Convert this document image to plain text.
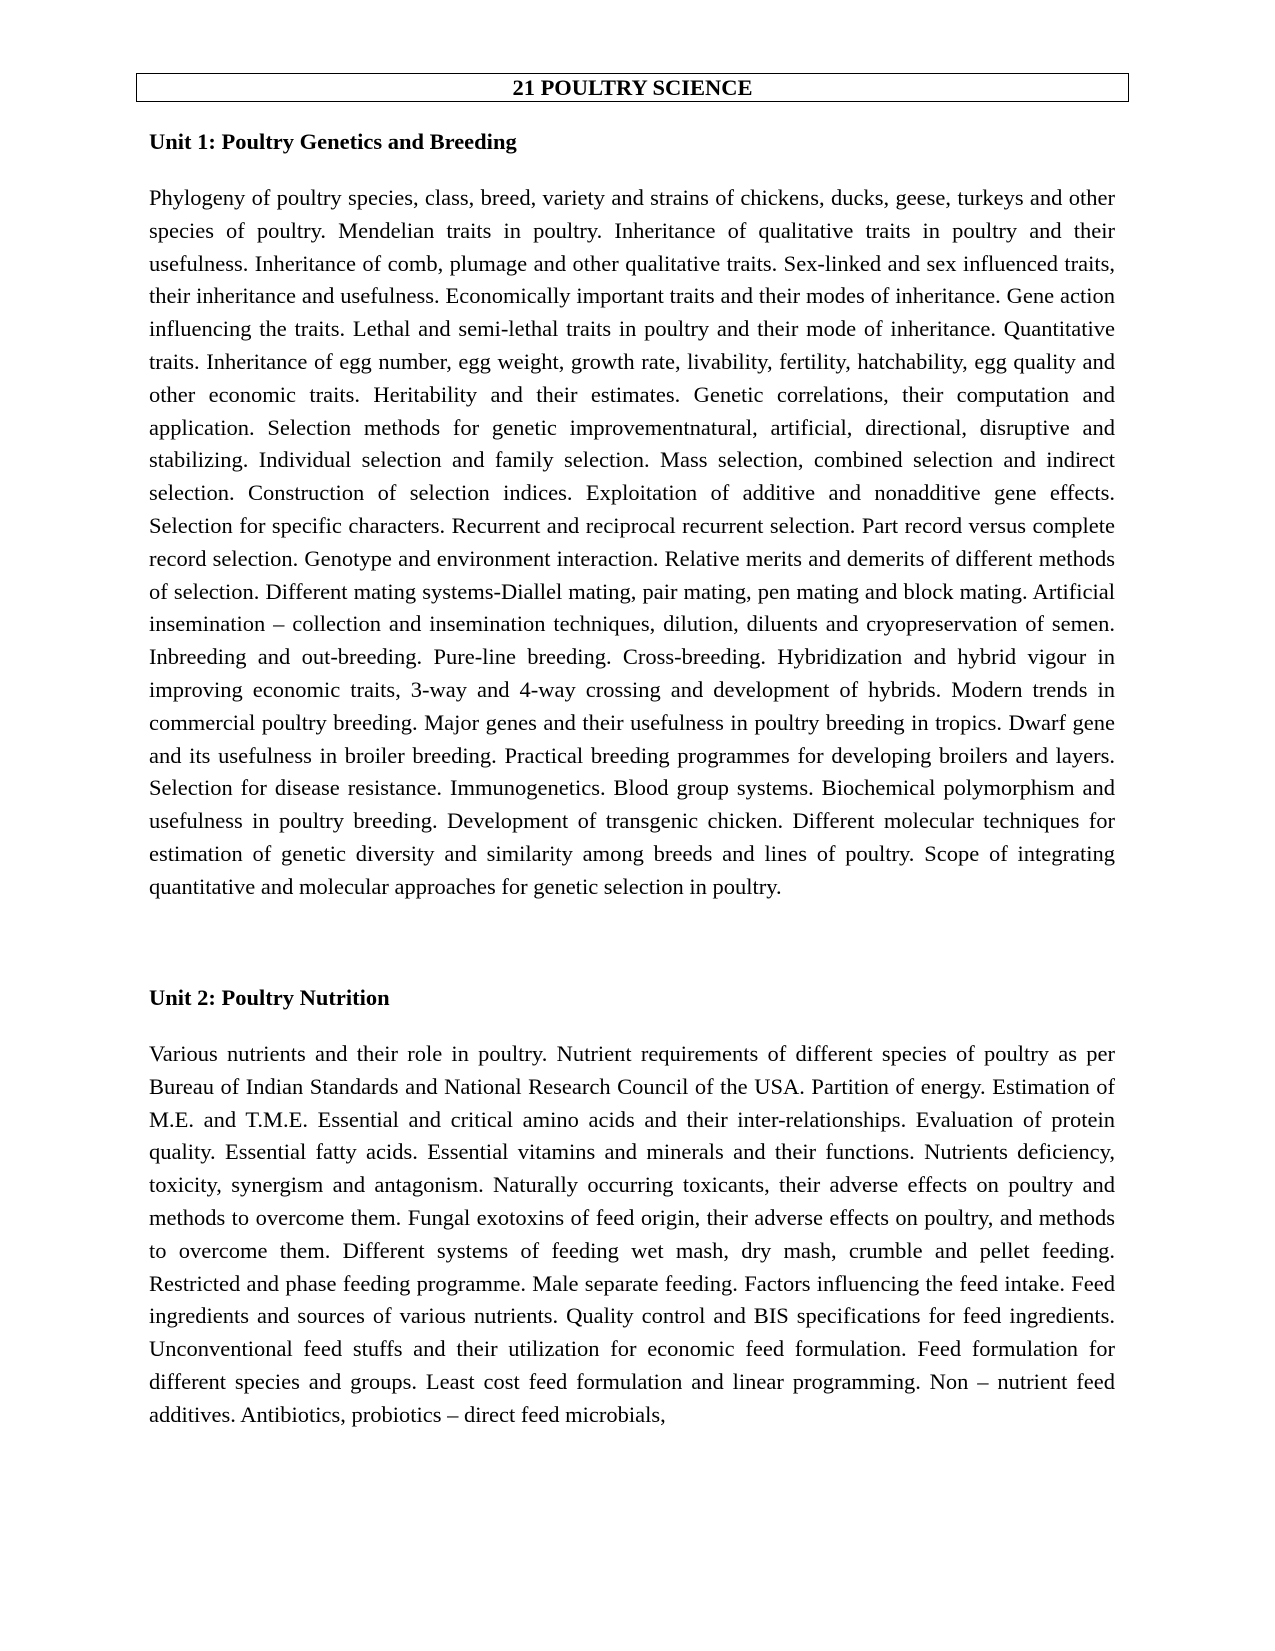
21 POULTRY SCIENCE
Unit 1: Poultry Genetics and Breeding
Phylogeny of poultry species, class, breed, variety and strains of chickens, ducks, geese, turkeys and other species of poultry. Mendelian traits in poultry. Inheritance of qualitative traits in poultry and their usefulness. Inheritance of comb, plumage and other qualitative traits. Sex-linked and sex influenced traits, their inheritance and usefulness. Economically important traits and their modes of inheritance. Gene action influencing the traits. Lethal and semi-lethal traits in poultry and their mode of inheritance. Quantitative traits. Inheritance of egg number, egg weight, growth rate, livability, fertility, hatchability, egg quality and other economic traits. Heritability and their estimates. Genetic correlations, their computation and application. Selection methods for genetic improvementnatural, artificial, directional, disruptive and stabilizing. Individual selection and family selection. Mass selection, combined selection and indirect selection. Construction of selection indices. Exploitation of additive and nonadditive gene effects. Selection for specific characters. Recurrent and reciprocal recurrent selection. Part record versus complete record selection. Genotype and environment interaction. Relative merits and demerits of different methods of selection. Different mating systems-Diallel mating, pair mating, pen mating and block mating. Artificial insemination – collection and insemination techniques, dilution, diluents and cryopreservation of semen. Inbreeding and out-breeding. Pure-line breeding. Cross-breeding. Hybridization and hybrid vigour in improving economic traits, 3-way and 4-way crossing and development of hybrids. Modern trends in commercial poultry breeding. Major genes and their usefulness in poultry breeding in tropics. Dwarf gene and its usefulness in broiler breeding. Practical breeding programmes for developing broilers and layers. Selection for disease resistance. Immunogenetics. Blood group systems. Biochemical polymorphism and usefulness in poultry breeding. Development of transgenic chicken. Different molecular techniques for estimation of genetic diversity and similarity among breeds and lines of poultry. Scope of integrating quantitative and molecular approaches for genetic selection in poultry.
Unit 2: Poultry Nutrition
Various nutrients and their role in poultry. Nutrient requirements of different species of poultry as per Bureau of Indian Standards and National Research Council of the USA. Partition of energy. Estimation of M.E. and T.M.E. Essential and critical amino acids and their inter-relationships. Evaluation of protein quality. Essential fatty acids. Essential vitamins and minerals and their functions. Nutrients deficiency, toxicity, synergism and antagonism. Naturally occurring toxicants, their adverse effects on poultry and methods to overcome them. Fungal exotoxins of feed origin, their adverse effects on poultry, and methods to overcome them. Different systems of feeding wet mash, dry mash, crumble and pellet feeding. Restricted and phase feeding programme. Male separate feeding. Factors influencing the feed intake. Feed ingredients and sources of various nutrients. Quality control and BIS specifications for feed ingredients. Unconventional feed stuffs and their utilization for economic feed formulation. Feed formulation for different species and groups. Least cost feed formulation and linear programming. Non – nutrient feed additives. Antibiotics, probiotics – direct feed microbials,
